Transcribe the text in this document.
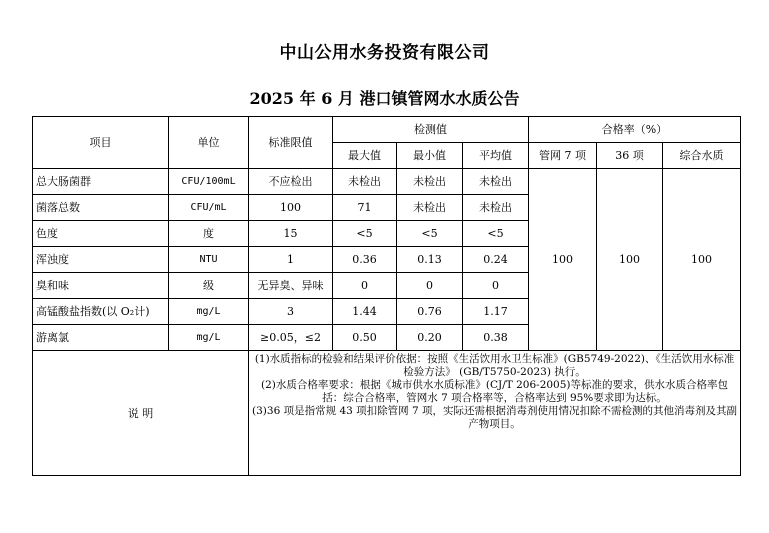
中山公用水务投资有限公司
2025 年 6 月 港口镇管网水水质公告
项目	单位	标准限值	检测值			合格率（%）		
			最大值	最小值	平均值	管网 7 项	36 项	综合水质
总大肠菌群	CFU/100mL	不应检出	未检出	未检出	未检出	100	100	100
菌落总数	CFU/mL	100	71	未检出	未检出			
色度	度	15	<5	<5	<5			
浑浊度	NTU	1	0.36	0.13	0.24			
臭和味	级	无异臭、异味	0	0	0			
高锰酸盐指数(以 O₂计)	mg/L	3	1.44	0.76	1.17			
游离氯	mg/L	≥0.05，≤2	0.50	0.20	0.38			
说 明		(1)水质指标的检验和结果评价依据：按照《生活饮用水卫生标准》(GB5749-2022)、《生活饮用水标准检验方法》 (GB/T5750-2023) 执行。

(2)水质合格率要求：根据《城市供水水质标准》(CJ/T 206-2005)等标准的要求，供水水质合格率包括：综合合格率，管网水 7 项合格率等，合格率达到 95%要求即为达标。

(3)36 项是指常规 43 项扣除管网 7 项，实际还需根据消毒剂使用情况扣除不需检测的其他消毒剂及其副产物项目。						
